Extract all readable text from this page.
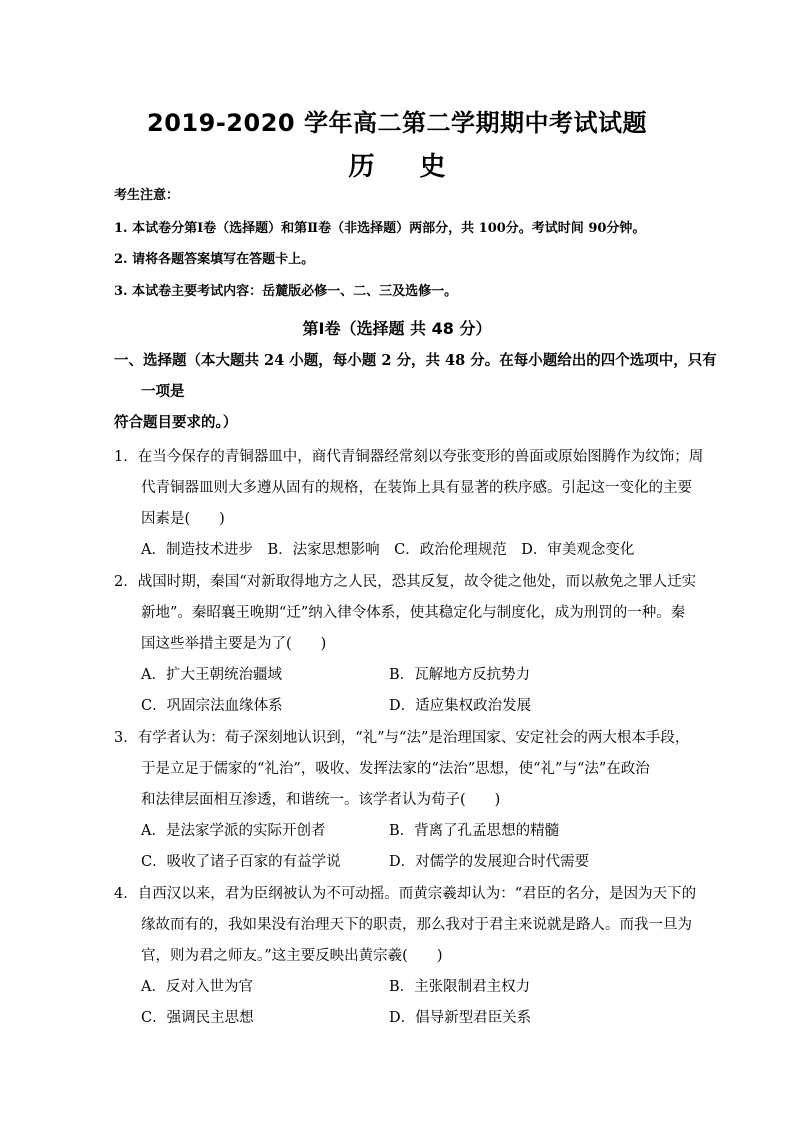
2019-2020 学年高二第二学期期中考试试题
历 史
考生注意：
1. 本试卷分第Ⅰ卷（选择题）和第Ⅱ卷（非选择题）两部分，共 100分。考试时间 90分钟。
2. 请将各题答案填写在答题卡上。
3. 本试卷主要考试内容：岳麓版必修一、二、三及选修一。
第Ⅰ卷（选择题 共 48 分）
一、选择题（本大题共 24 小题，每小题 2 分，共 48 分。在每小题给出的四个选项中，只有
一项是
符合题目要求的。）
1．在当今保存的青铜器皿中，商代青铜器经常刻以夸张变形的兽面或原始图腾作为纹饰；周
代青铜器皿则大多遵从固有的规格，在装饰上具有显著的秩序感。引起这一变化的主要
因素是(　　)
A．制造技术进步　B．法家思想影响　C．政治伦理规范　D．审美观念变化
2．战国时期，秦国“对新取得地方之人民，恐其反复，故令徙之他处，而以赦免之罪人迁实
新地”。秦昭襄王晚期“迁”纳入律令体系，使其稳定化与制度化，成为刑罚的一种。秦
国这些举措主要是为了(　　)
A．扩大王朝统治疆域	B．瓦解地方反抗势力
C．巩固宗法血缘体系	D．适应集权政治发展
3．有学者认为：荀子深刻地认识到，“礼”与“法”是治理国家、安定社会的两大根本手段，
于是立足于儒家的“礼治”，吸收、发挥法家的“法治”思想，使“礼”与“法”在政治
和法律层面相互渗透，和谐统一。该学者认为荀子(　　)
A．是法家学派的实际开创者	B．背离了孔孟思想的精髓
C．吸收了诸子百家的有益学说	D．对儒学的发展迎合时代需要
4．自西汉以来，君为臣纲被认为不可动摇。而黄宗羲却认为：“君臣的名分，是因为天下的
缘故而有的，我如果没有治理天下的职责，那么我对于君主来说就是路人。而我一旦为
官，则为君之师友。”这主要反映出黄宗羲(　　)
A．反对入世为官	B．主张限制君主权力
C．强调民主思想	D．倡导新型君臣关系
